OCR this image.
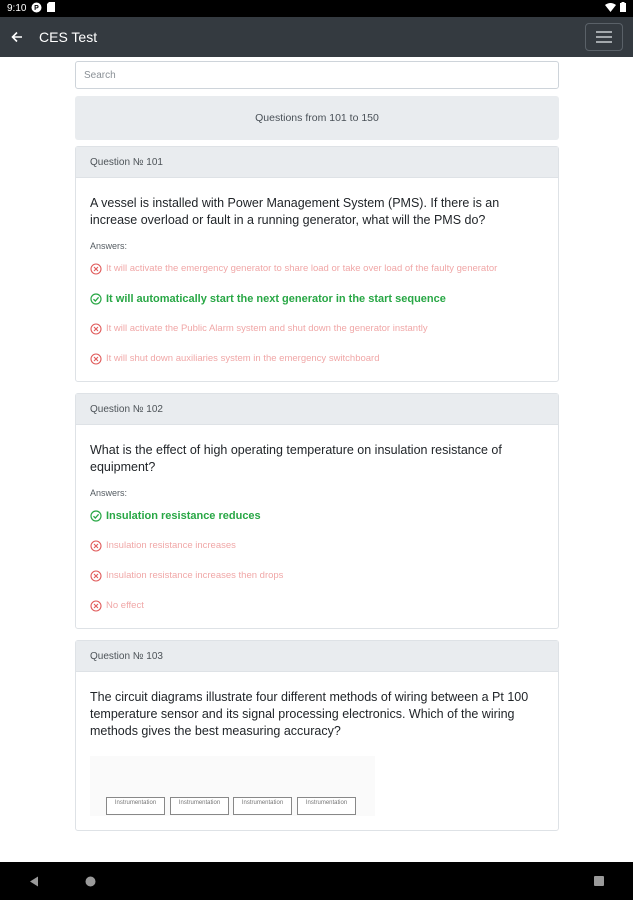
9:10 P
CES Test
Search
Questions from 101 to 150
Question № 101
A vessel is installed with Power Management System (PMS). If there is an increase overload or fault in a running generator, what will the PMS do?
Answers:
It will activate the emergency generator to share load or take over load of the faulty generator
It will automatically start the next generator in the start sequence
It will activate the Public Alarm system and shut down the generator instantly
It will shut down auxiliaries system in the emergency switchboard
Question № 102
What is the effect of high operating temperature on insulation resistance of equipment?
Answers:
Insulation resistance reduces
Insulation resistance increases
Insulation resistance increases then drops
No effect
Question № 103
The circuit diagrams illustrate four different methods of wiring between a Pt 100 temperature sensor and its signal processing electronics. Which of the wiring methods gives the best measuring accuracy?
Instrumentation	Instrumentation	Instrumentation	Instrumentation
